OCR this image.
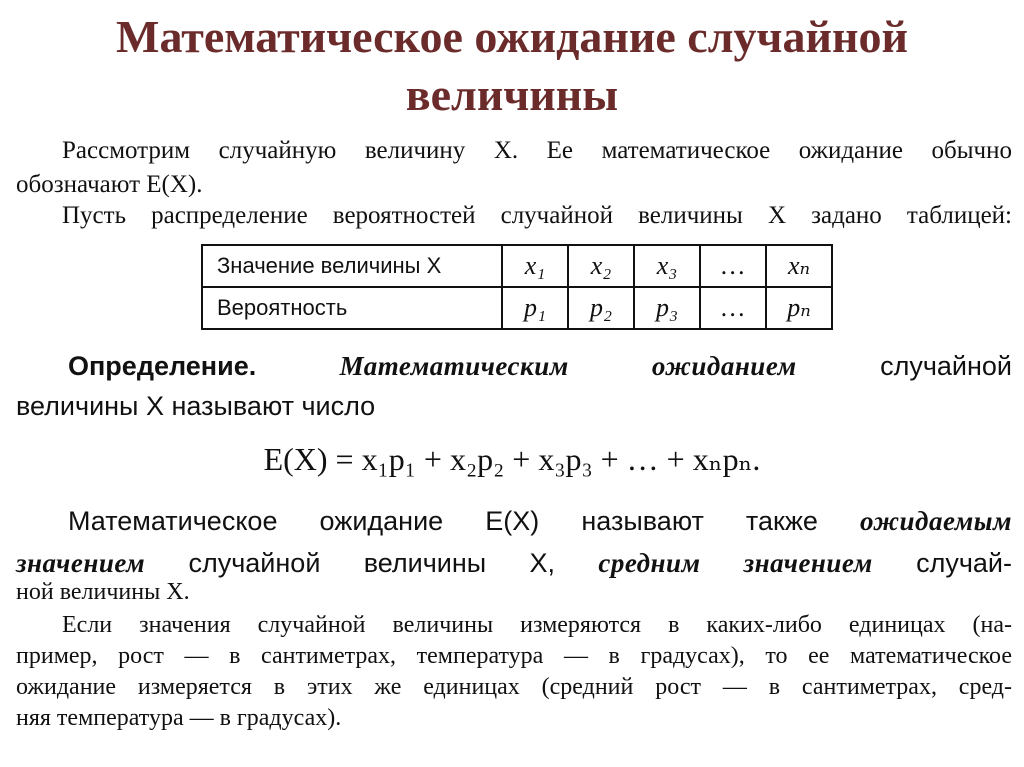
Математическое ожидание случайной
величины
Рассмотрим случайную величину X. Ее математическое ожидание обычно
обозначают E(X).
Пусть распределение вероятностей случайной величины X задано таблицей:
Значение величины X	x₁	x₂	x₃	…	xₙ
Вероятность	p₁	p₂	p₃	…	pₙ
Определение.	Математическим ожиданием	случайной
величины X называют число
E(X) = x₁p₁ + x₂p₂ + x₃p₃ + … + xₙpₙ.
Математическое ожидание E(X) называют также ожидаемым
значением случайной величины X, средним значением случай-
ной величины X.
Если значения случайной величины измеряются в каких-либо единицах (на-
пример, рост — в сантиметрах, температура — в градусах), то ее математическое
ожидание измеряется в этих же единицах (средний рост — в сантиметрах, сред-
няя температура — в градусах).
